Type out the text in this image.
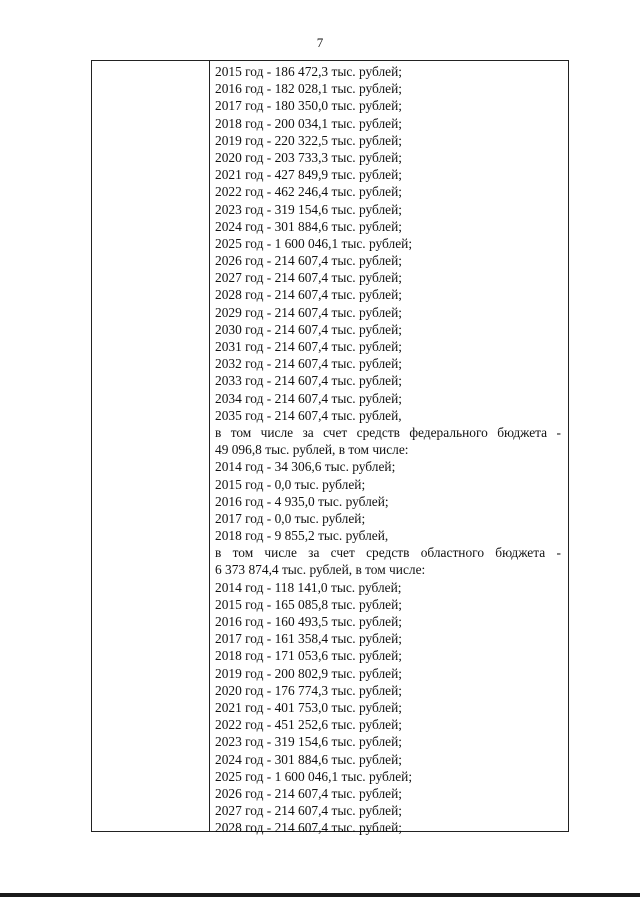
7
2015 год - 186 472,3 тыс. рублей;
2016 год - 182 028,1 тыс. рублей;
2017 год - 180 350,0 тыс. рублей;
2018 год - 200 034,1 тыс. рублей;
2019 год - 220 322,5 тыс. рублей;
2020 год - 203 733,3 тыс. рублей;
2021 год - 427 849,9 тыс. рублей;
2022 год - 462 246,4 тыс. рублей;
2023 год - 319 154,6 тыс. рублей;
2024 год - 301 884,6 тыс. рублей;
2025 год - 1 600 046,1 тыс. рублей;
2026 год - 214 607,4 тыс. рублей;
2027 год - 214 607,4 тыс. рублей;
2028 год - 214 607,4 тыс. рублей;
2029 год - 214 607,4 тыс. рублей;
2030 год - 214 607,4 тыс. рублей;
2031 год - 214 607,4 тыс. рублей;
2032 год - 214 607,4 тыс. рублей;
2033 год - 214 607,4 тыс. рублей;
2034 год - 214 607,4 тыс. рублей;
2035 год - 214 607,4 тыс. рублей,
в том числе за счет средств федерального бюджета -
49 096,8 тыс. рублей, в том числе:
2014 год - 34 306,6 тыс. рублей;
2015 год - 0,0 тыс. рублей;
2016 год - 4 935,0 тыс. рублей;
2017 год - 0,0 тыс. рублей;
2018 год - 9 855,2 тыс. рублей,
в том числе за счет средств областного бюджета -
6 373 874,4 тыс. рублей, в том числе:
2014 год - 118 141,0 тыс. рублей;
2015 год - 165 085,8 тыс. рублей;
2016 год - 160 493,5 тыс. рублей;
2017 год - 161 358,4 тыс. рублей;
2018 год - 171 053,6 тыс. рублей;
2019 год - 200 802,9 тыс. рублей;
2020 год - 176 774,3 тыс. рублей;
2021 год - 401 753,0 тыс. рублей;
2022 год - 451 252,6 тыс. рублей;
2023 год - 319 154,6 тыс. рублей;
2024 год - 301 884,6 тыс. рублей;
2025 год - 1 600 046,1 тыс. рублей;
2026 год - 214 607,4 тыс. рублей;
2027 год - 214 607,4 тыс. рублей;
2028 год - 214 607,4 тыс. рублей;
